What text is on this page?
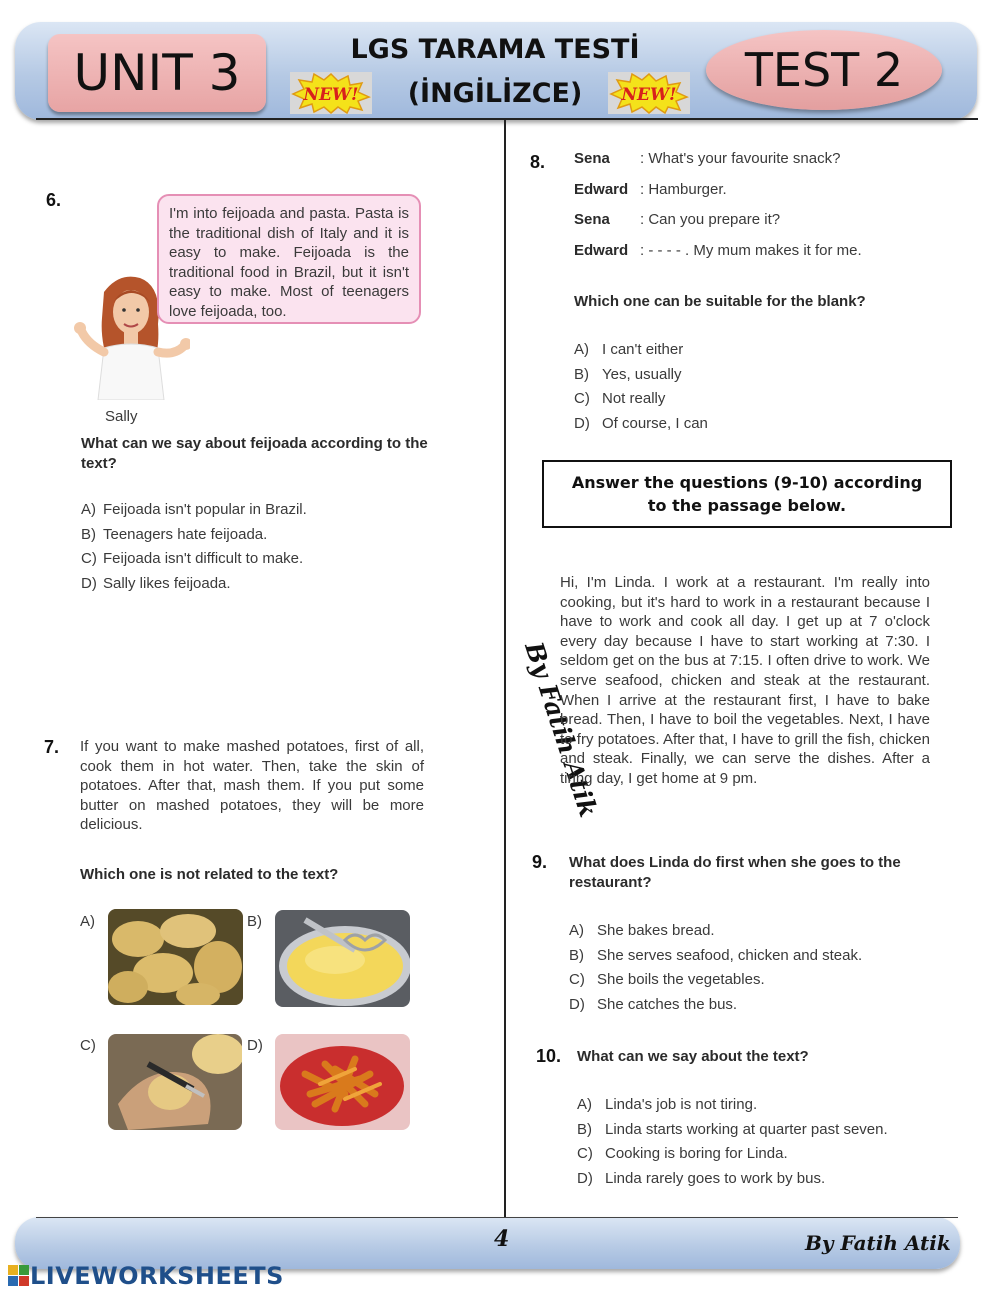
UNIT 3	LGS TARAMA TESTİ
(İNGİLİZCE)
NEW!	NEW!	TEST 2
By Fatih Atik
6.
I'm into feijoada and pasta. Pasta is the traditional dish of Italy and it is easy to make. Feijoada is the traditional food in Brazil, but it isn't easy to make. Most of teenagers love feijoada, too.
Sally
What can we say about feijoada according to the text?
A) Feijoada isn't popular in Brazil.
B) Teenagers hate feijoada.
C) Feijoada isn't difficult to make.
D) Sally likes feijoada.
7. If you want to make mashed potatoes, first of all, cook them in hot water. Then, take the skin of potatoes. After that, mash them. If you put some butter on mashed potatoes, they will be more delicious.
Which one is not related to the text?
A)	B)
C)	D)
8. Sena : What's your favourite snack?
Edward : Hamburger.
Sena : Can you prepare it?
Edward : - - - - . My mum makes it for me.
Which one can be suitable for the blank?
A) I can't either
B) Yes, usually
C) Not really
D) Of course, I can
Answer the questions (9-10) according to the passage below.
Hi, I'm Linda. I work at a restaurant. I'm really into cooking, but it's hard to work in a restaurant because I have to work and cook all day. I get up at 7 o'clock every day because I have to start working at 7:30. I seldom get on the bus at 7:15. I often drive to work. We serve seafood, chicken and steak at the restaurant. When I arrive at the restaurant first, I have to bake bread. Then, I have to boil the vegetables. Next, I have to fry potatoes. After that, I have to grill the fish, chicken and steak. Finally, we can serve the dishes. After a tiring day, I get home at 9 pm.
9. What does Linda do first when she goes to the restaurant?
A) She bakes bread.
B) She serves seafood, chicken and steak.
C) She boils the vegetables.
D) She catches the bus.
10. What can we say about the text?
A) Linda's job is not tiring.
B) Linda starts working at quarter past seven.
C) Cooking is boring for Linda.
D) Linda rarely goes to work by bus.
4	By Fatih Atik
LIVEWORKSHEETS
